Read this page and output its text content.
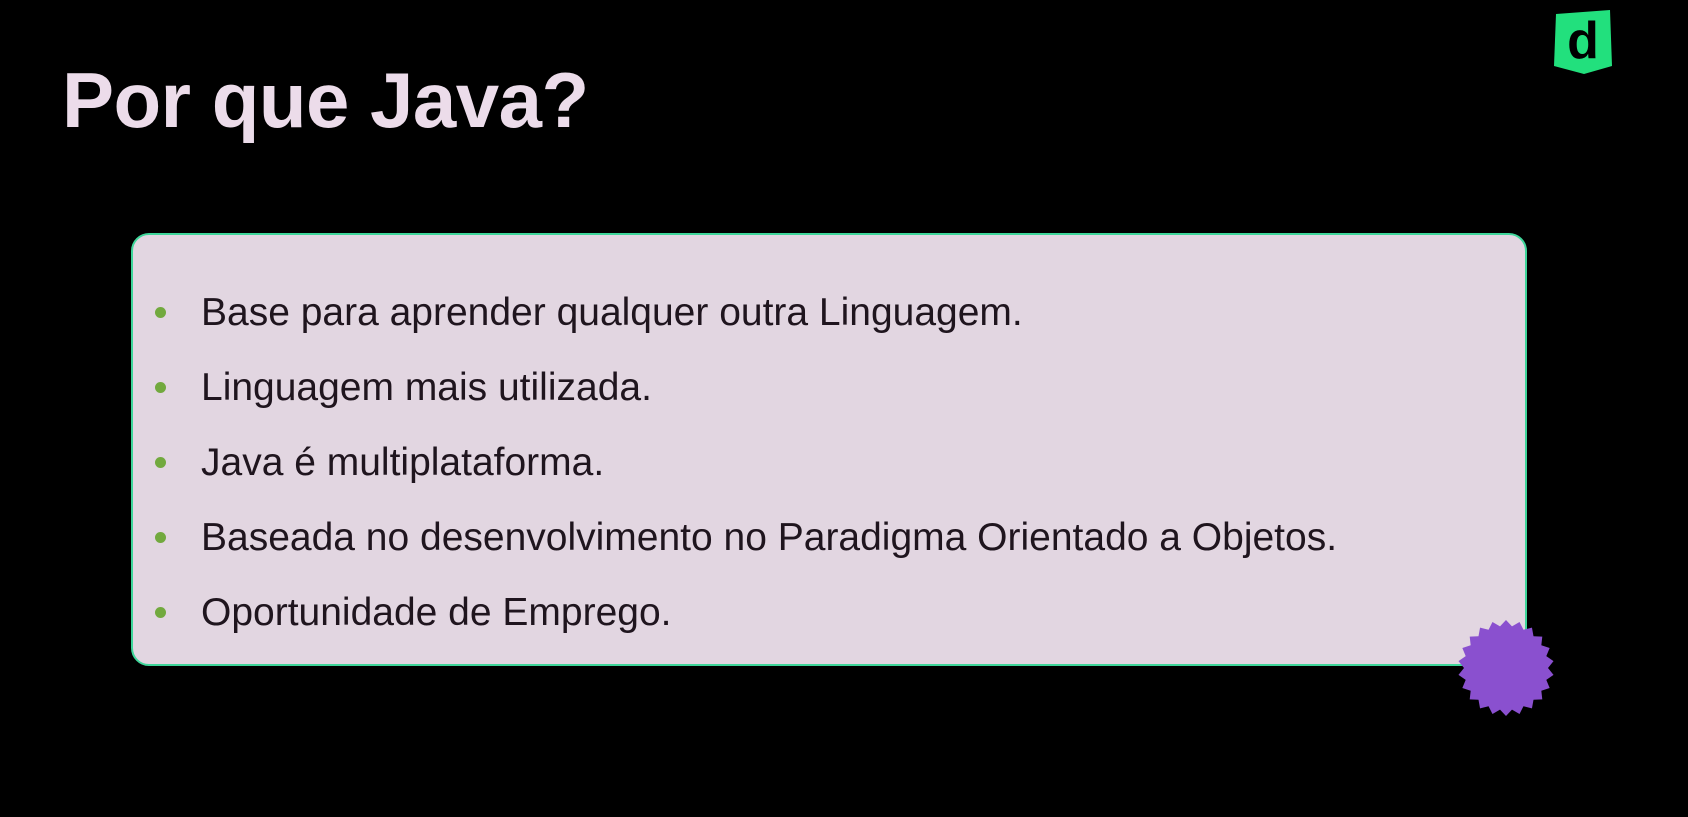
Por que Java?
d
Base para aprender qualquer outra Linguagem.
Linguagem mais utilizada.
Java é multiplataforma.
Baseada no desenvolvimento no Paradigma Orientado a Objetos.
Oportunidade de Emprego.
